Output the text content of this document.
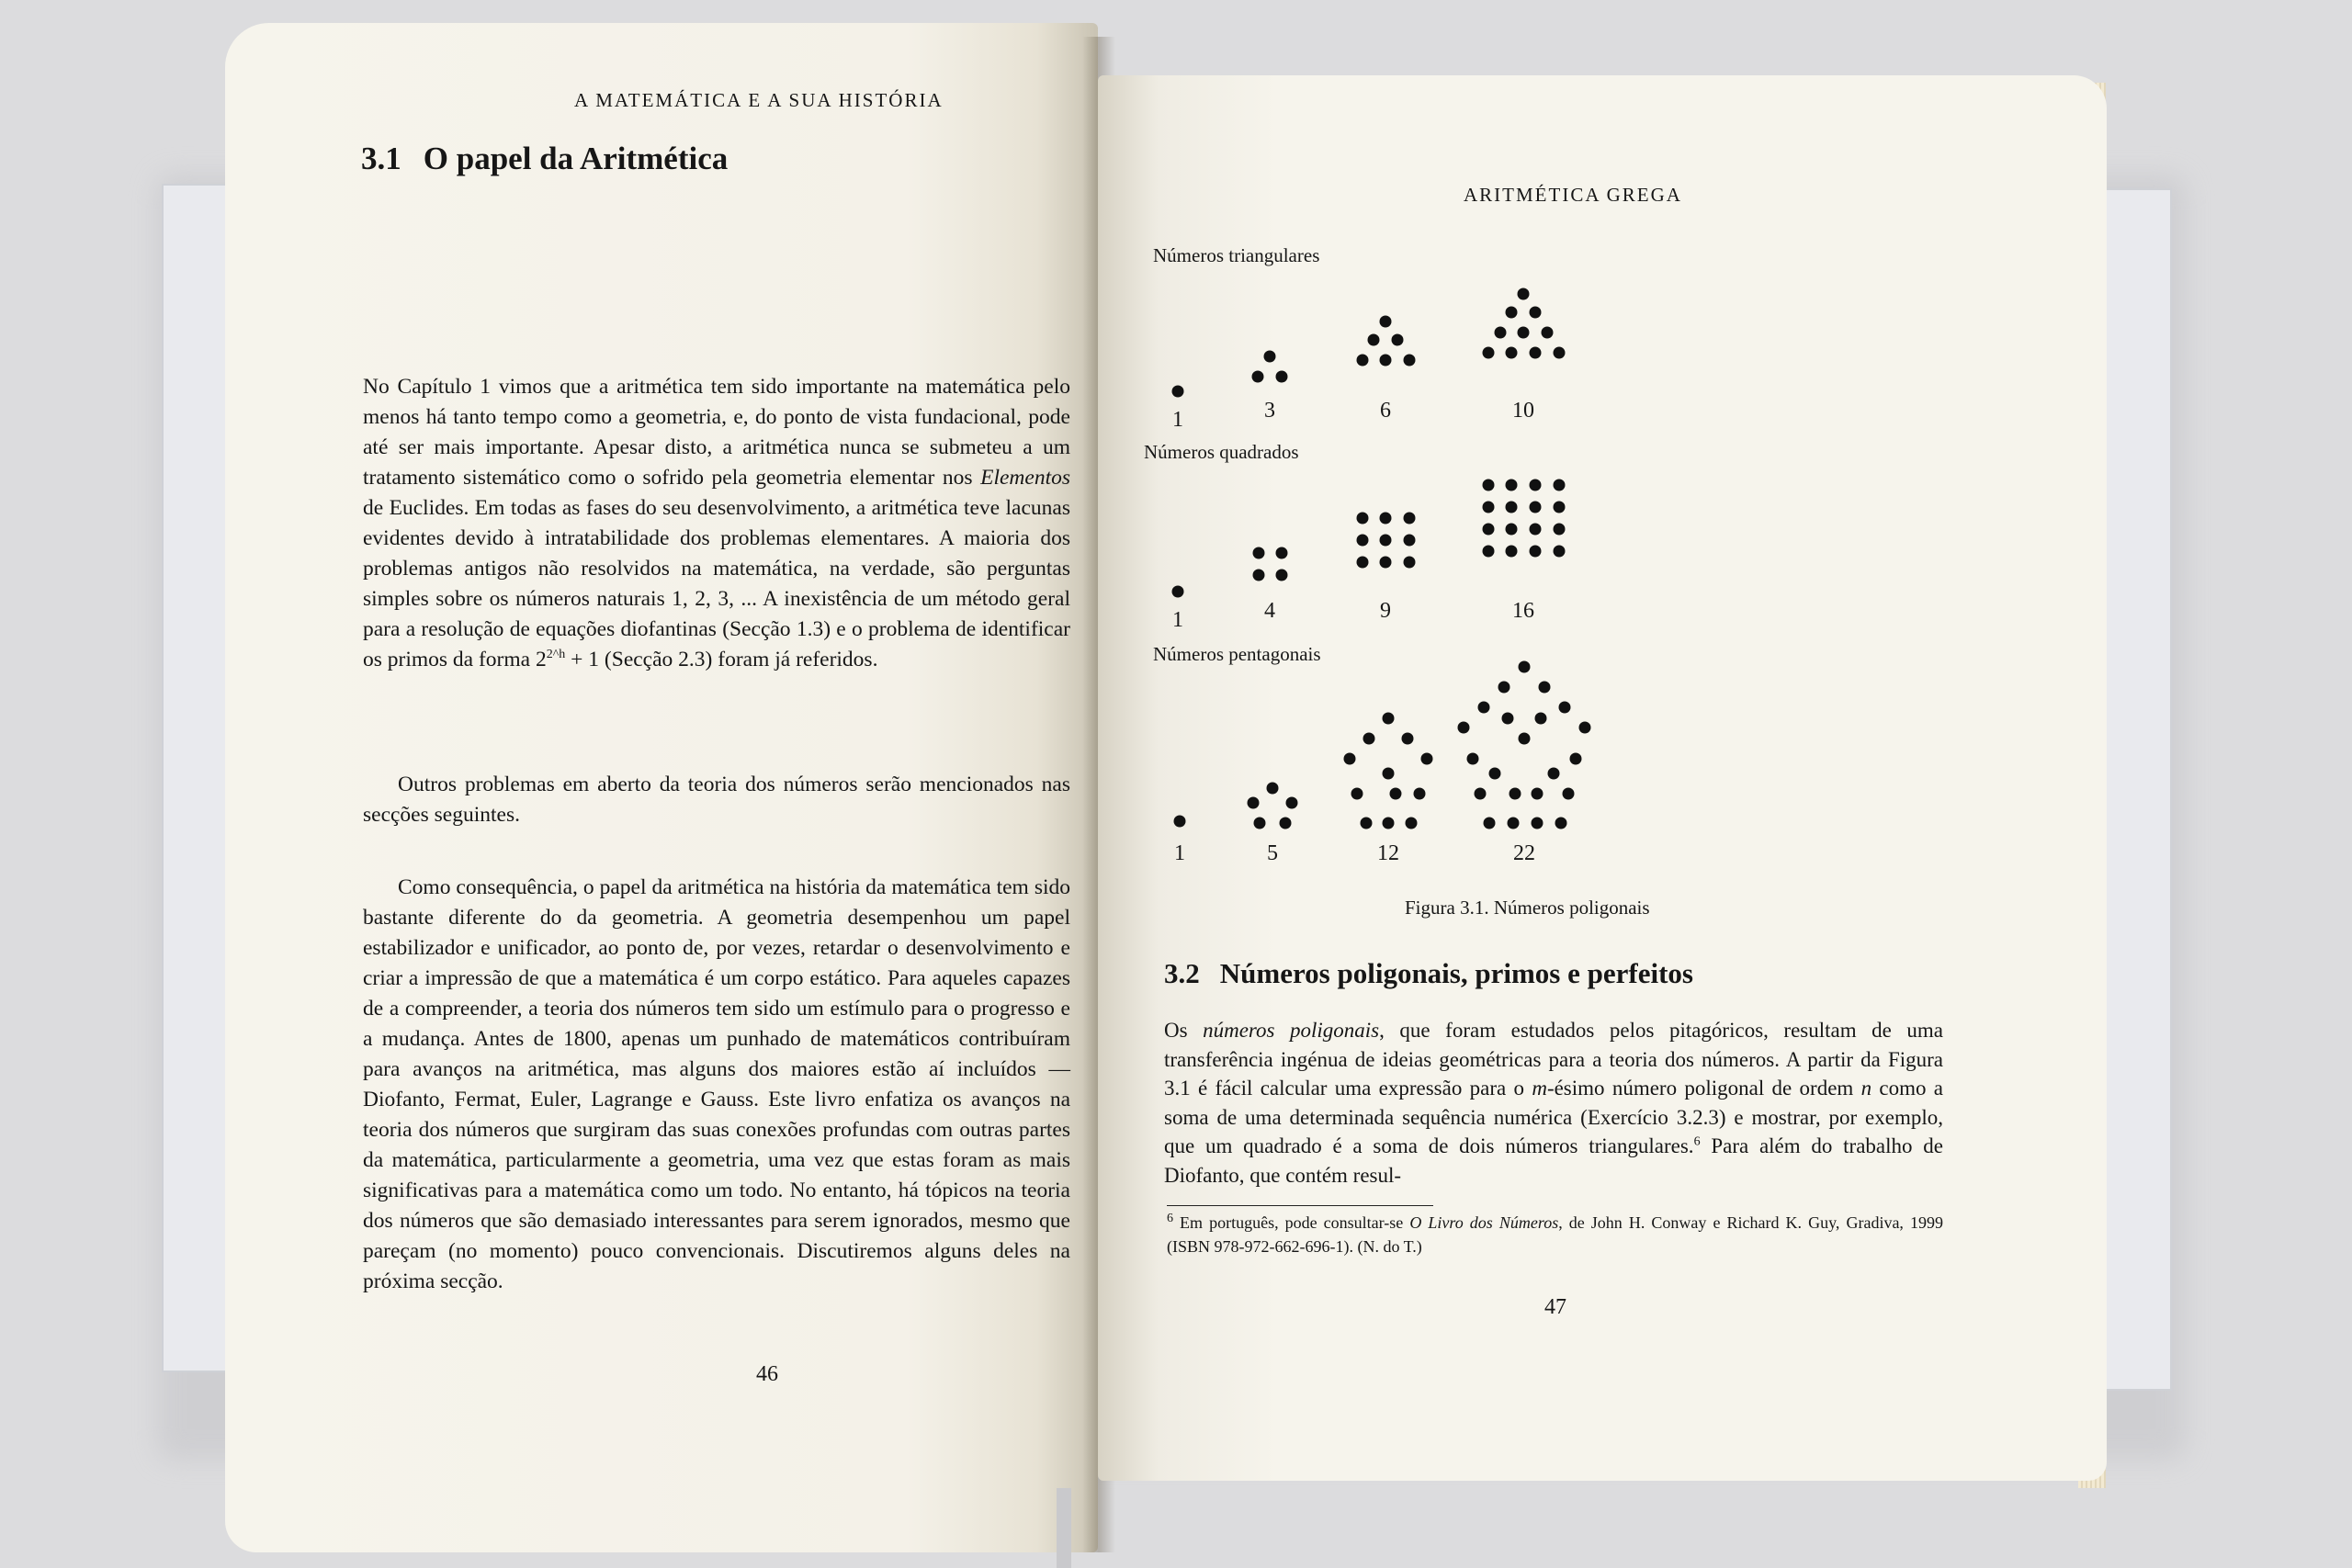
A MATEMÁTICA E A SUA HISTÓRIA
3.1 O papel da Aritmética

No Capítulo 1 vimos que a aritmética tem sido importante na matemática pelo menos há tanto tempo como a geometria, e, do ponto de vista fundacional, pode até ser mais importante. Apesar disto, a aritmética nunca se submeteu a um tratamento sistemático como o sofrido pela geometria elementar nos Elementos de Euclides. Em todas as fases do seu desenvolvimento, a aritmética teve lacunas evidentes devido à intratabilidade dos problemas elementares. A maioria dos problemas antigos não resolvidos na matemática, na verdade, são perguntas simples sobre os números naturais 1, 2, 3, ... A inexistência de um método geral para a resolução de equações diofantinas (Secção 1.3) e o problema de identificar os primos da forma $2^{2\^{}h} + 1$ (Secção 2.3) foram já referidos.

Outros problemas em aberto da teoria dos números serão mencionados nas secções seguintes.

Como consequência, o papel da aritmética na história da matemática tem sido bastante diferente do da geometria. A geometria desempenhou um papel estabilizador e unificador, ao ponto de, por vezes, retardar o desenvolvimento e criar a impressão de que a matemática é um corpo estático. Para aqueles capazes de a compreender, a teoria dos números tem sido um estímulo para o progresso e a mudança. Antes de 1800, apenas um punhado de matemáticos contribuíram para avanços na aritmética, mas alguns dos maiores estão aí incluídos — Diofanto, Fermat, Euler, Lagrange e Gauss. Este livro enfatiza os avanços na teoria dos números que surgiram das suas conexões profundas com outras partes da matemática, particularmente a geometria, uma vez que estas foram as mais significativas para a matemática como um todo. No entanto, há tópicos na teoria dos números que são demasiado interessantes para serem ignorados, mesmo que pareçam (no momento) pouco convencionais. Discutiremos alguns deles na próxima secção.

46
ARITMÉTICA GREGA
Números triangulares
Números quadrados
Números pentagonais
1	3	6	10
1	4	9	16
1	5	12	22
Figura 3.1. Números poligonais
3.2 Números poligonais, primos e perfeitos

Os números poligonais, que foram estudados pelos pitagóricos, resultam de uma transferência ingénua de ideias geométricas para a teoria dos números. A partir da Figura 3.1 é fácil calcular uma expressão para o m-ésimo número poligonal de ordem n como a soma de uma determinada sequência numérica (Exercício 3.2.3) e mostrar, por exemplo, que um quadrado é a soma de dois números triangulares.$^6$ Para além do trabalho de Diofanto, que contém resul-

$^6$ Em português, pode consultar-se O Livro dos Números, de John H. Conway e Richard K. Guy, Gradiva, 1999 (ISBN 978-972-662-696-1). (N. do T.)

47
